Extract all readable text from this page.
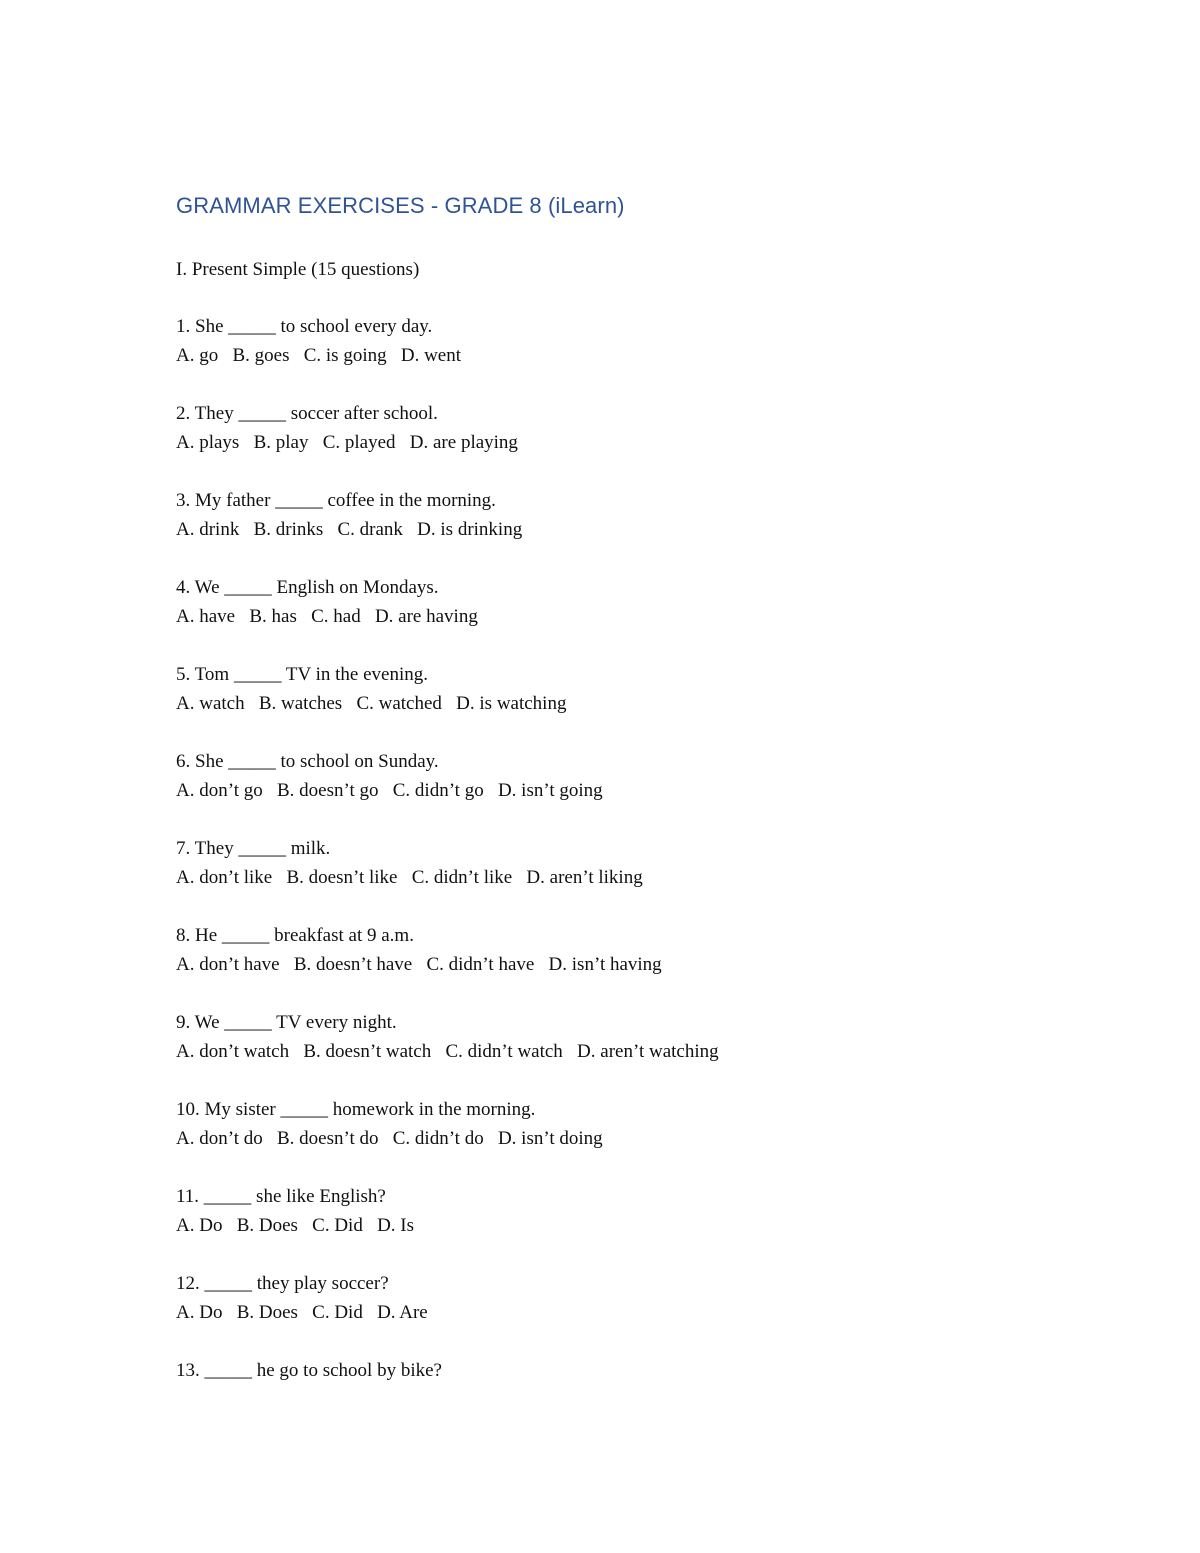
GRAMMAR EXERCISES - GRADE 8 (iLearn)
I. Present Simple (15 questions)
1. She _____ to school every day.
A. go   B. goes   C. is going   D. went
2. They _____ soccer after school.
A. plays   B. play   C. played   D. are playing
3. My father _____ coffee in the morning.
A. drink   B. drinks   C. drank   D. is drinking
4. We _____ English on Mondays.
A. have   B. has   C. had   D. are having
5. Tom _____ TV in the evening.
A. watch   B. watches   C. watched   D. is watching
6. She _____ to school on Sunday.
A. don’t go   B. doesn’t go   C. didn’t go   D. isn’t going
7. They _____ milk.
A. don’t like   B. doesn’t like   C. didn’t like   D. aren’t liking
8. He _____ breakfast at 9 a.m.
A. don’t have   B. doesn’t have   C. didn’t have   D. isn’t having
9. We _____ TV every night.
A. don’t watch   B. doesn’t watch   C. didn’t watch   D. aren’t watching
10. My sister _____ homework in the morning.
A. don’t do   B. doesn’t do   C. didn’t do   D. isn’t doing
11. _____ she like English?
A. Do   B. Does   C. Did   D. Is
12. _____ they play soccer?
A. Do   B. Does   C. Did   D. Are
13. _____ he go to school by bike?
